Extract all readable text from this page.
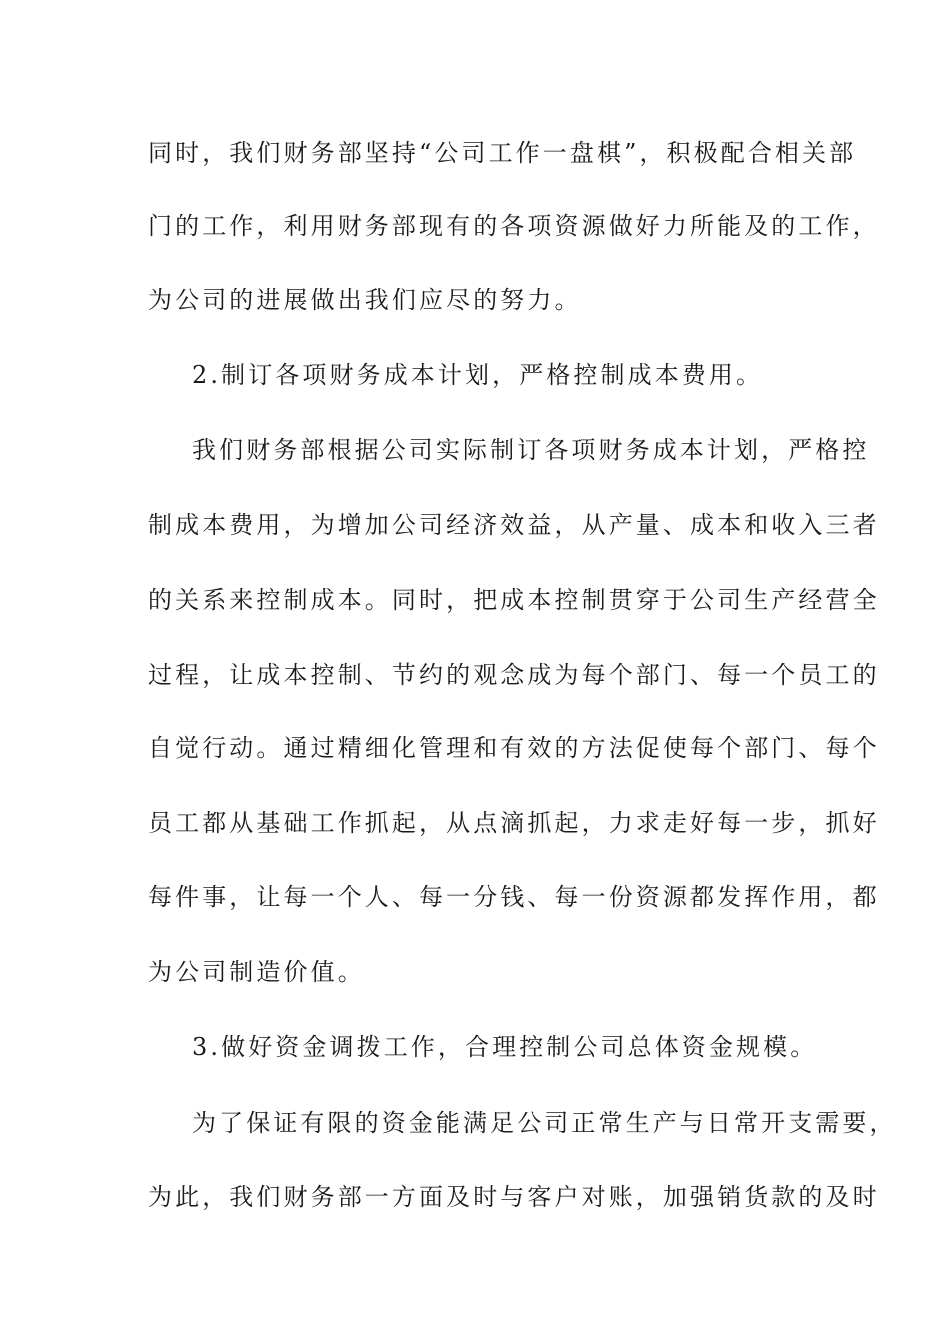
同时，我们财务部坚持“公司工作一盘棋”，积极配合相关部
门的工作，利用财务部现有的各项资源做好力所能及的工作，
为公司的进展做出我们应尽的努力。
2.制订各项财务成本计划，严格控制成本费用。
我们财务部根据公司实际制订各项财务成本计划，严格控
制成本费用，为增加公司经济效益，从产量、成本和收入三者
的关系来控制成本。同时，把成本控制贯穿于公司生产经营全
过程，让成本控制、节约的观念成为每个部门、每一个员工的
自觉行动。通过精细化管理和有效的方法促使每个部门、每个
员工都从基础工作抓起，从点滴抓起，力求走好每一步，抓好
每件事，让每一个人、每一分钱、每一份资源都发挥作用，都
为公司制造价值。
3.做好资金调拨工作，合理控制公司总体资金规模。
为了保证有限的资金能满足公司正常生产与日常开支需要，
为此，我们财务部一方面及时与客户对账，加强销货款的及时
